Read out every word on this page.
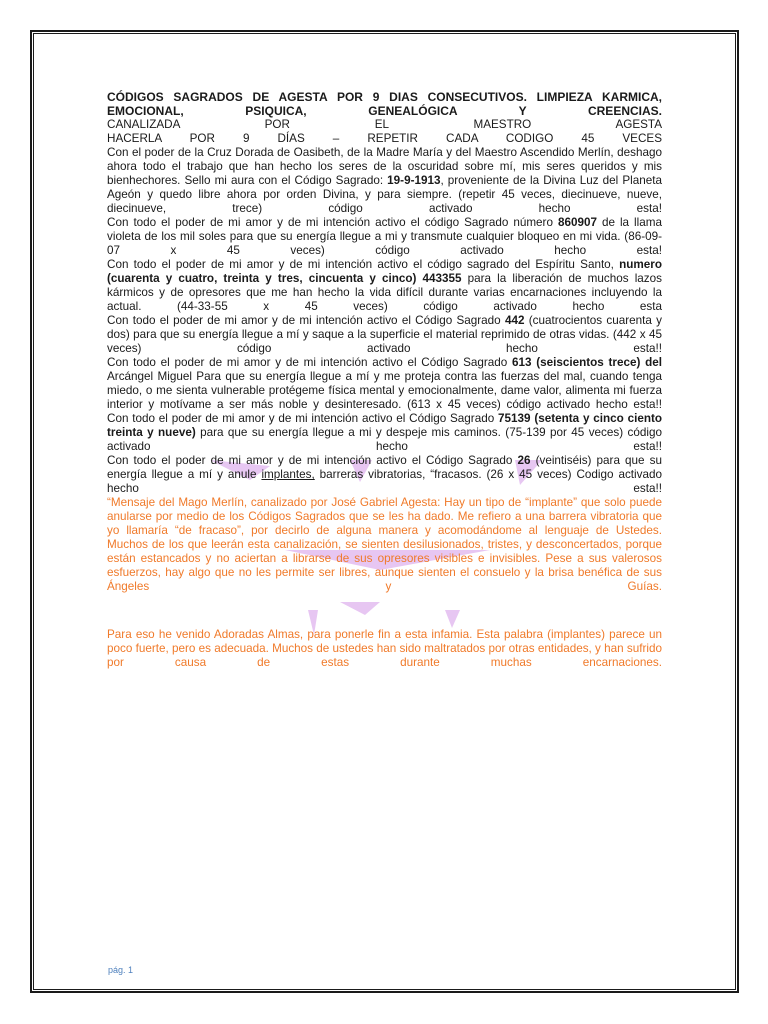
CÓDIGOS SAGRADOS DE AGESTA POR 9 DIAS CONSECUTIVOS. LIMPIEZA KARMICA, EMOCIONAL, PSIQUICA, GENEALÓGICA Y CREENCIAS.

CANALIZADA POR EL MAESTRO AGESTA

HACERLA POR 9 DÍAS – REPETIR CADA CODIGO 45 VECES

Con el poder de la Cruz Dorada de Oasibeth, de la Madre María y del Maestro Ascendido Merlín, deshago ahora todo el trabajo que han hecho los seres de la oscuridad sobre mí, mis seres queridos y mis bienhechores. Sello mi aura con el Código Sagrado: 19-9-1913, proveniente de la Divina Luz del Planeta Ageón y quedo libre ahora por orden Divina, y para siempre. (repetir 45 veces, diecinueve, nueve, diecinueve, trece) código activado hecho esta!

Con todo el poder de mi amor y de mi intención activo el código Sagrado número 860907 de la llama violeta de los mil soles para que su energía llegue a mi y transmute cualquier bloqueo en mi vida. (86-09-07 x 45 veces) código activado hecho esta!

Con todo el poder de mi amor y de mi intención activo el código sagrado del Espíritu Santo, numero (cuarenta y cuatro, treinta y tres, cincuenta y cinco) 443355 para la liberación de muchos lazos kármicos y de opresores que me han hecho la vida difícil durante varias encarnaciones incluyendo la actual. (44-33-55 x 45 veces) código activado hecho esta

Con todo el poder de mi amor y de mi intención activo el Código Sagrado 442 (cuatrocientos cuarenta y dos) para que su energía llegue a mí y saque a la superficie el material reprimido de otras vidas. (442 x 45 veces) código activado hecho esta!!

Con todo el poder de mi amor y de mi intención activo el Código Sagrado 613 (seiscientos trece) del Arcángel Miguel Para que su energía llegue a mí y me proteja contra las fuerzas del mal, cuando tenga miedo, o me sienta vulnerable protégeme física mental y emocionalmente, dame valor, alimenta mi fuerza interior y motívame a ser más noble y desinteresado. (613 x 45 veces) código activado hecho esta!!

Con todo el poder de mi amor y de mi intención activo el Código Sagrado 75139 (setenta y cinco ciento treinta y nueve) para que su energía llegue a mi y despeje mis caminos. (75-139 por 45 veces) código activado hecho esta!!

Con todo el poder de mi amor y de mi intención activo el Código Sagrado 26 (veintiséis) para que su energía llegue a mí y anule implantes, barreras vibratorias, “fracasos. (26 x 45 veces) Codigo activado hecho esta!!

“Mensaje del Mago Merlín, canalizado por José Gabriel Agesta: Hay un tipo de “implante” que solo puede anularse por medio de los Códigos Sagrados que se les ha dado. Me refiero a una barrera vibratoria que yo llamaría “de fracaso”, por decirlo de alguna manera y acomodándome al lenguaje de Ustedes.

Muchos de los que leerán esta canalización, se sienten desilusionados, tristes, y desconcertados, porque están estancados y no aciertan a librarse de sus opresores visibles e invisibles. Pese a sus valerosos esfuerzos, hay algo que no les permite ser libres, aunque sienten el consuelo y la brisa benéfica de sus Ángeles y Guías.

Para eso he venido Adoradas Almas, para ponerle fin a esta infamia. Esta palabra (implantes) parece un poco fuerte, pero es adecuada. Muchos de ustedes han sido maltratados por otras entidades, y han sufrido por causa de estas durante muchas encarnaciones.

pág. 1
